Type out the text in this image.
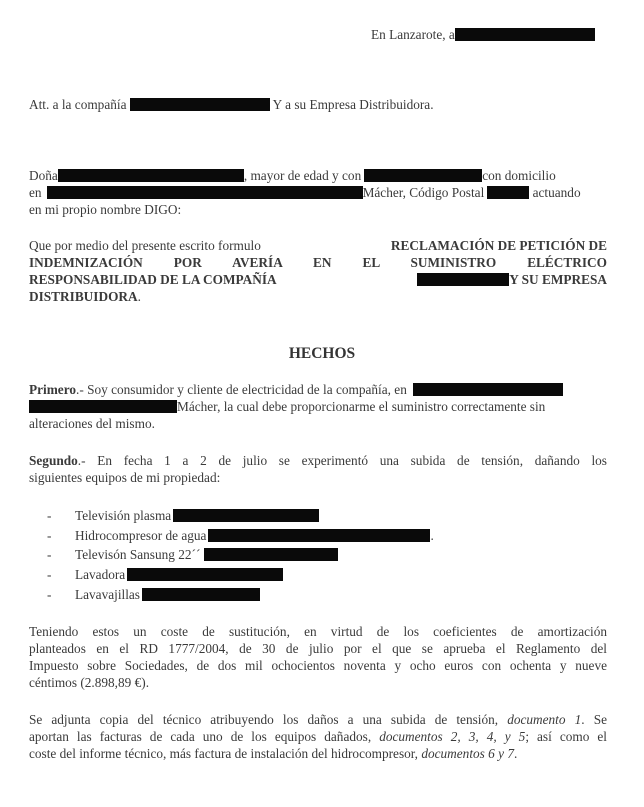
En Lanzarote, a
Att. a la compañía	Y a su Empresa Distribuidora.
Doña	, mayor de edad y con	con domicilio
en	Mácher, Código Postal	actuando
en mi propio nombre DIGO:
Que por medio del presente escrito formulo	RECLAMACIÓN DE PETICIÓN DE
INDEMNIZACIÓN POR AVERÍA EN EL SUMINISTRO ELÉCTRICO
RESPONSABILIDAD DE LA COMPAÑÍA	Y SU EMPRESA
DISTRIBUIDORA.
HECHOS
Primero.- Soy consumidor y cliente de electricidad de la compañía, en
Mácher, la cual debe proporcionarme el suministro correctamente sin
alteraciones del mismo.
Segundo.- En fecha 1 a 2 de julio se experimentó una subida de tensión, dañando los
siguientes equipos de mi propiedad:
- Televisión plasma
- Hidrocompresor de agua	.
- Televisón Sansung 22´´
- Lavadora
- Lavavajillas
Teniendo estos un coste de sustitución, en virtud de los coeficientes de amortización
planteados en el RD 1777/2004, de 30 de julio por el que se aprueba el Reglamento del
Impuesto sobre Sociedades, de dos mil ochocientos noventa y ocho euros con ochenta y nueve
céntimos (2.898,89 €).
Se adjunta copia del técnico atribuyendo los daños a una subida de tensión, documento 1. Se
aportan las facturas de cada uno de los equipos dañados, documentos 2, 3, 4, y 5; así como el
coste del informe técnico, más factura de instalación del hidrocompresor, documentos 6 y 7.
